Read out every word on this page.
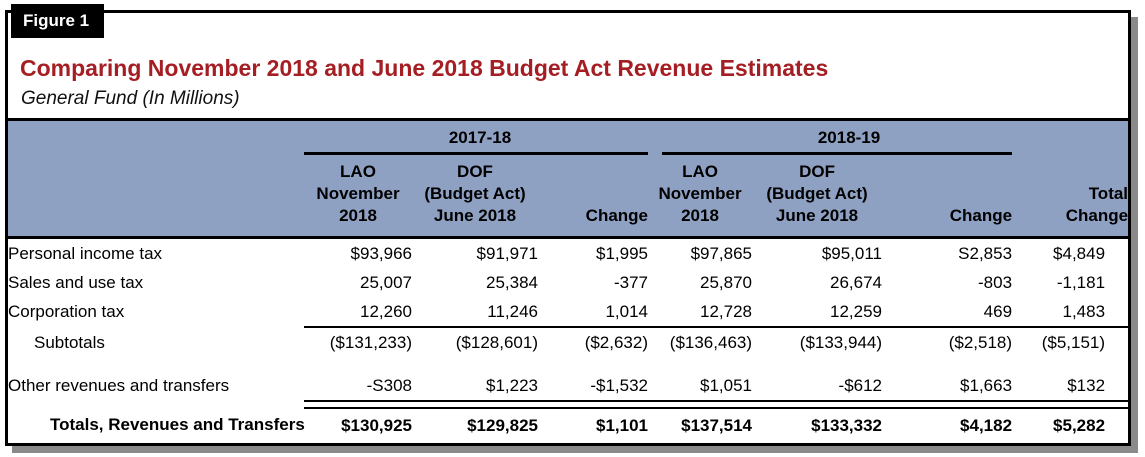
Figure 1
Comparing November 2018 and June 2018 Budget Act Revenue Estimates
General Fund (In Millions)

	2017-18			2018-19			

	LAO
November
2018	DOF
(Budget Act)
June 2018	Change	LAO
November
2018	DOF
(Budget Act)
June 2018	Change	Total
Change

Personal income tax	$93,966	$91,971	$1,995	$97,865	$95,011	S2,853	$4,849
Sales and use tax	25,007	25,384	-377	25,870	26,674	-803	-1,181
Corporation tax	12,260	11,246	1,014	12,728	12,259	469	1,483
Subtotals	($131,233)	($128,601)	($2,632)	($136,463)	($133,944)	($2,518)	($5,151)

Other revenues and transfers	-S308	$1,223	-$1,532	$1,051	-$612	$1,663	$132

Totals, Revenues and Transfers	$130,925	$129,825	$1,101	$137,514	$133,332	$4,182	$5,282
